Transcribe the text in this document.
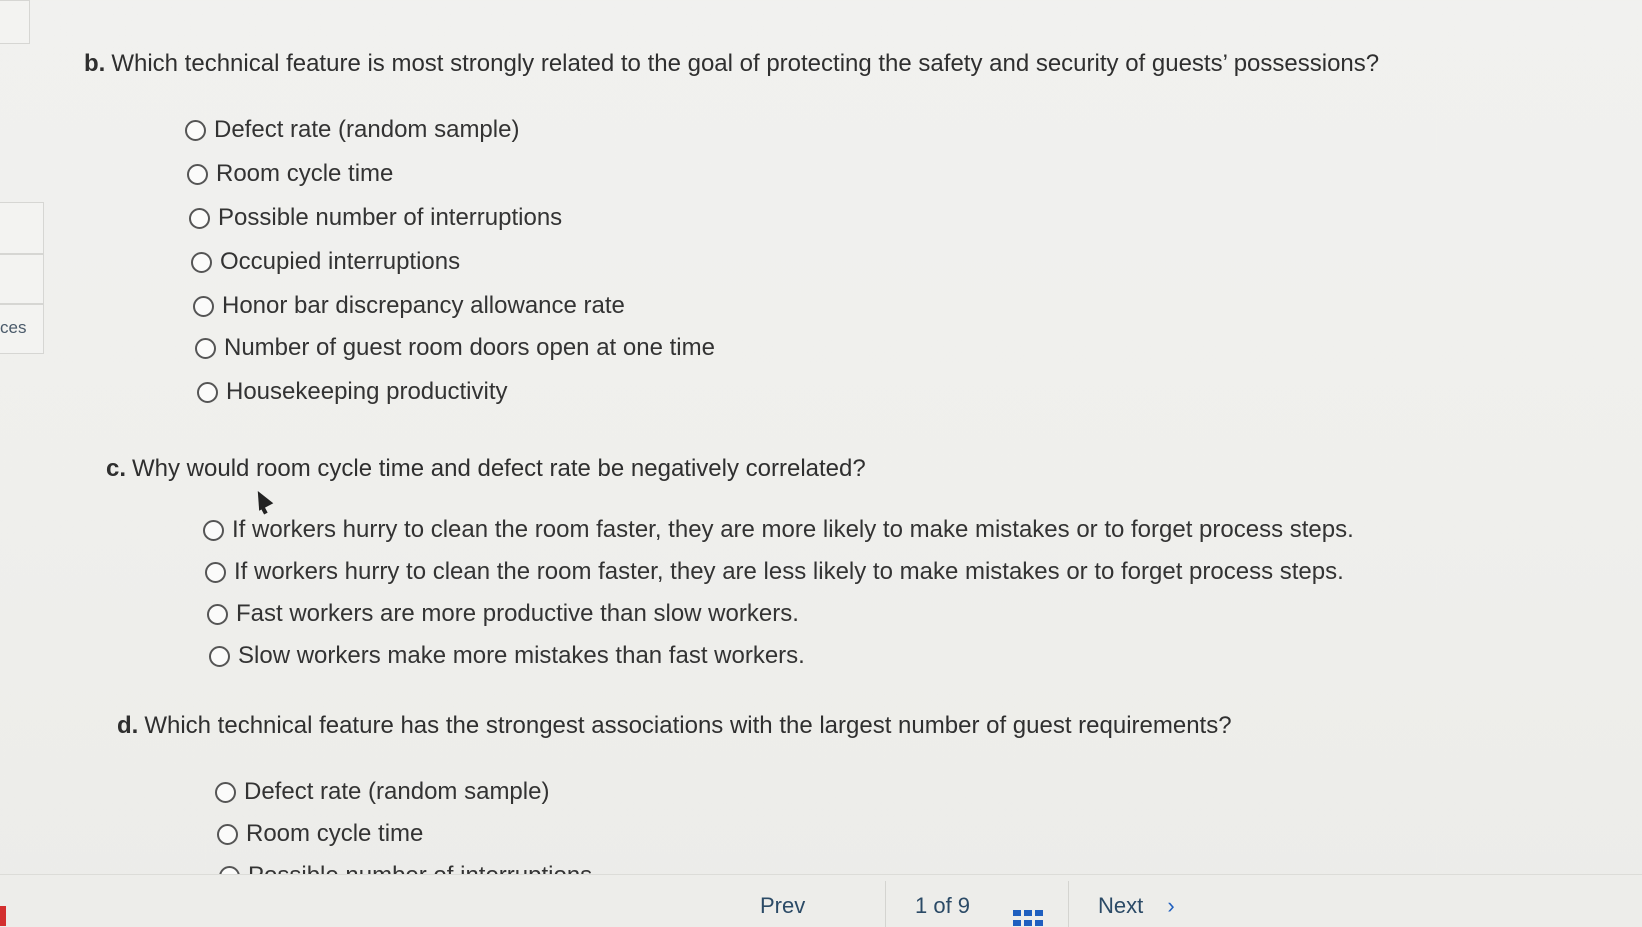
ces
b. Which technical feature is most strongly related to the goal of protecting the safety and security of guests’ possessions?
Defect rate (random sample)
Room cycle time
Possible number of interruptions
Occupied interruptions
Honor bar discrepancy allowance rate
Number of guest room doors open at one time
Housekeeping productivity
c. Why would room cycle time and defect rate be negatively correlated?
If workers hurry to clean the room faster, they are more likely to make mistakes or to forget process steps.
If workers hurry to clean the room faster, they are less likely to make mistakes or to forget process steps.
Fast workers are more productive than slow workers.
Slow workers make more mistakes than fast workers.
d. Which technical feature has the strongest associations with the largest number of guest requirements?
Defect rate (random sample)
Room cycle time
Prev	1 of 9	Next ›
